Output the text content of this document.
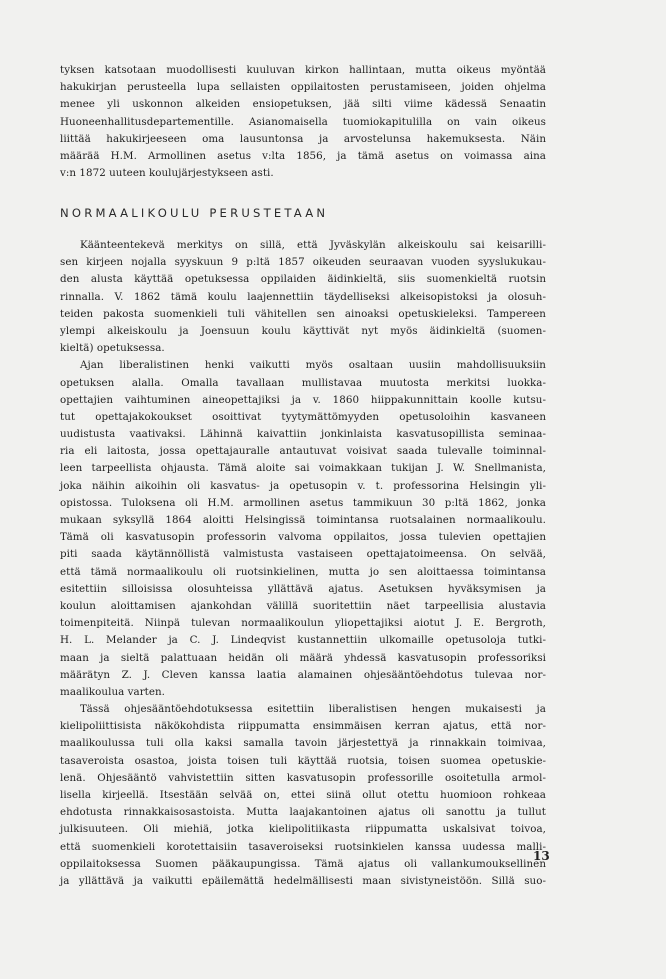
tyksen katsotaan muodollisesti kuuluvan kirkon hallintaan, mutta oikeus myöntää
hakukirjan perusteella lupa sellaisten oppilaitosten perustamiseen, joiden ohjelma
menee yli uskonnon alkeiden ensiopetuksen, jää silti viime kädessä Senaatin
Huoneenhallitusdepartementille. Asianomaisella tuomiokapitulilla on vain oikeus
liittää hakukirjeeseen oma lausuntonsa ja arvostelunsa hakemuksesta. Näin
määrää H.M. Armollinen asetus v:lta 1856, ja tämä asetus on voimassa aina
v:n 1872 uuteen koulujärjestykseen asti.
NORMAALIKOULU PERUSTETAAN
Käänteentekevä merkitys on sillä, että Jyväskylän alkeiskoulu sai keisarilli-
sen kirjeen nojalla syyskuun 9 p:ltä 1857 oikeuden seuraavan vuoden syyslukukau-
den alusta käyttää opetuksessa oppilaiden äidinkieltä, siis suomenkieltä ruotsin
rinnalla. V. 1862 tämä koulu laajennettiin täydelliseksi alkeisopistoksi ja olosuh-
teiden pakosta suomenkieli tuli vähitellen sen ainoaksi opetuskieleksi. Tampereen
ylempi alkeiskoulu ja Joensuun koulu käyttivät nyt myös äidinkieltä (suomen-
kieltä) opetuksessa.
Ajan liberalistinen henki vaikutti myös osaltaan uusiin mahdollisuuksiin
opetuksen alalla. Omalla tavallaan mullistavaa muutosta merkitsi luokka-
opettajien vaihtuminen aineopettajiksi ja v. 1860 hiippakunnittain koolle kutsu-
tut opettajakokoukset osoittivat tyytymättömyyden opetusoloihin kasvaneen
uudistusta vaativaksi. Lähinnä kaivattiin jonkinlaista kasvatusopillista seminaa-
ria eli laitosta, jossa opettajauralle antautuvat voisivat saada tulevalle toiminnal-
leen tarpeellista ohjausta. Tämä aloite sai voimakkaan tukijan J. W. Snellmanista,
joka näihin aikoihin oli kasvatus- ja opetusopin v. t. professorina Helsingin yli-
opistossa. Tuloksena oli H.M. armollinen asetus tammikuun 30 p:ltä 1862, jonka
mukaan syksyllä 1864 aloitti Helsingissä toimintansa ruotsalainen normaalikoulu.
Tämä oli kasvatusopin professorin valvoma oppilaitos, jossa tulevien opettajien
piti saada käytännöllistä valmistusta vastaiseen opettajatoimeensa. On selvää,
että tämä normaalikoulu oli ruotsinkielinen, mutta jo sen aloittaessa toimintansa
esitettiin silloisissa olosuhteissa yllättävä ajatus. Asetuksen hyväksymisen ja
koulun aloittamisen ajankohdan välillä suoritettiin näet tarpeellisia alustavia
toimenpiteitä. Niinpä tulevan normaalikoulun yliopettajiksi aiotut J. E. Bergroth,
H. L. Melander ja C. J. Lindeqvist kustannettiin ulkomaille opetusoloja tutki-
maan ja sieltä palattuaan heidän oli määrä yhdessä kasvatusopin professoriksi
määrätyn Z. J. Cleven kanssa laatia alamainen ohjesääntöehdotus tulevaa nor-
maalikoulua varten.
Tässä ohjesääntöehdotuksessa esitettiin liberalistisen hengen mukaisesti ja
kielipoliittisista näkökohdista riippumatta ensimmäisen kerran ajatus, että nor-
maalikoulussa tuli olla kaksi samalla tavoin järjestettyä ja rinnakkain toimivaa,
tasaveroista osastoa, joista toisen tuli käyttää ruotsia, toisen suomea opetuskie-
lenä. Ohjesääntö vahvistettiin sitten kasvatusopin professorille osoitetulla armol-
lisella kirjeellä. Itsestään selvää on, ettei siinä ollut otettu huomioon rohkeaa
ehdotusta rinnakkaisosastoista. Mutta laajakantoinen ajatus oli sanottu ja tullut
julkisuuteen. Oli miehiä, jotka kielipolitiikasta riippumatta uskalsivat toivoa,
että suomenkieli korotettaisiin tasaveroiseksi ruotsinkielen kanssa uudessa malli-
oppilaitoksessa Suomen pääkaupungissa. Tämä ajatus oli vallankumouksellinen
ja yllättävä ja vaikutti epäilemättä hedelmällisesti maan sivistyneistöön. Sillä suo-
13
